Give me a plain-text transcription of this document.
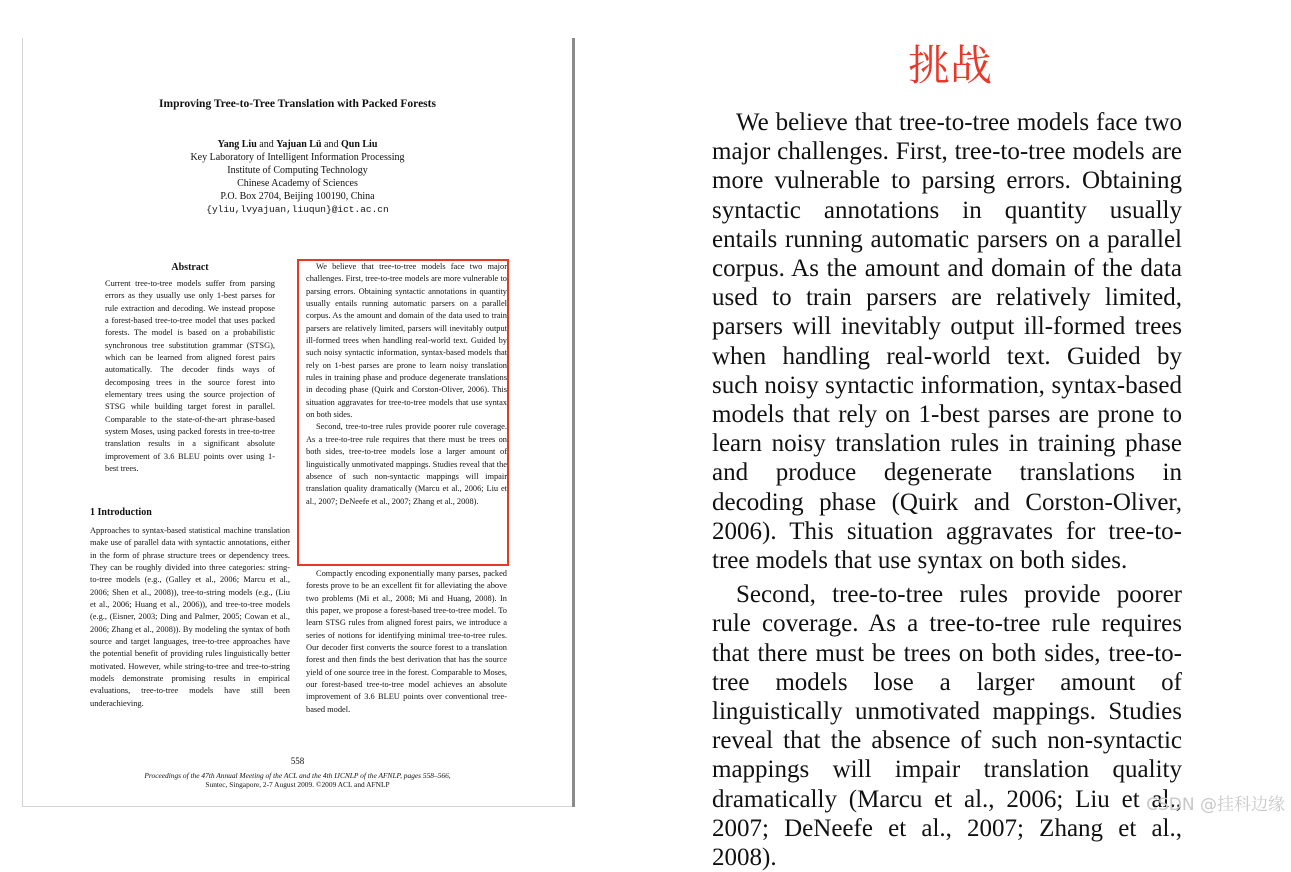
Improving Tree-to-Tree Translation with Packed Forests
Yang Liu and Yajuan Lü and Qun Liu
Key Laboratory of Intelligent Information Processing
Institute of Computing Technology
Chinese Academy of Sciences
P.O. Box 2704, Beijing 100190, China
{yliu,lvyajuan,liuqun}@ict.ac.cn
Abstract

Current tree-to-tree models suffer from parsing errors as they usually use only 1-best parses for rule extraction and decoding. We instead propose a forest-based tree-to-tree model that uses packed forests. The model is based on a probabilistic synchronous tree substitution grammar (STSG), which can be learned from aligned forest pairs automatically. The decoder finds ways of decomposing trees in the source forest into elementary trees using the source projection of STSG while building target forest in parallel. Comparable to the state-of-the-art phrase-based system Moses, using packed forests in tree-to-tree translation results in a significant absolute improvement of 3.6 BLEU points over using 1-best trees.

1 Introduction

Approaches to syntax-based statistical machine translation make use of parallel data with syntactic annotations, either in the form of phrase structure trees or dependency trees. They can be roughly divided into three categories: string-to-tree models (e.g., (Galley et al., 2006; Marcu et al., 2006; Shen et al., 2008)), tree-to-string models (e.g., (Liu et al., 2006; Huang et al., 2006)), and tree-to-tree models (e.g., (Eisner, 2003; Ding and Palmer, 2005; Cowan et al., 2006; Zhang et al., 2008)). By modeling the syntax of both source and target languages, tree-to-tree approaches have the potential benefit of providing rules linguistically better motivated. However, while string-to-tree and tree-to-string models demonstrate promising results in empirical evaluations, tree-to-tree models have still been underachieving.

We believe that tree-to-tree models face two major challenges. First, tree-to-tree models are more vulnerable to parsing errors. Obtaining syntactic annotations in quantity usually entails running automatic parsers on a parallel corpus. As the amount and domain of the data used to train parsers are relatively limited, parsers will inevitably output ill-formed trees when handling real-world text. Guided by such noisy syntactic information, syntax-based models that rely on 1-best parses are prone to learn noisy translation rules in training phase and produce degenerate translations in decoding phase (Quirk and Corston-Oliver, 2006). This situation aggravates for tree-to-tree models that use syntax on both sides.

Second, tree-to-tree rules provide poorer rule coverage. As a tree-to-tree rule requires that there must be trees on both sides, tree-to-tree models lose a larger amount of linguistically unmotivated mappings. Studies reveal that the absence of such non-syntactic mappings will impair translation quality dramatically (Marcu et al., 2006; Liu et al., 2007; DeNeefe et al., 2007; Zhang et al., 2008).

Compactly encoding exponentially many parses, packed forests prove to be an excellent fit for alleviating the above two problems (Mi et al., 2008; Mi and Huang, 2008). In this paper, we propose a forest-based tree-to-tree model. To learn STSG rules from aligned forest pairs, we introduce a series of notions for identifying minimal tree-to-tree rules. Our decoder first converts the source forest to a translation forest and then finds the best derivation that has the source yield of one source tree in the forest. Comparable to Moses, our forest-based tree-to-tree model achieves an absolute improvement of 3.6 BLEU points over conventional tree-based model.

558
Proceedings of the 47th Annual Meeting of the ACL and the 4th IJCNLP of the AFNLP, pages 558–566,
Suntec, Singapore, 2-7 August 2009. ©2009 ACL and AFNLP
挑战

We believe that tree-to-tree models face two major challenges. First, tree-to-tree models are more vulnerable to parsing errors. Obtaining syntactic annotations in quantity usually entails running automatic parsers on a parallel corpus. As the amount and domain of the data used to train parsers are relatively limited, parsers will inevitably output ill-formed trees when handling real-world text. Guided by such noisy syntactic information, syntax-based models that rely on 1-best parses are prone to learn noisy translation rules in training phase and produce degenerate translations in decoding phase (Quirk and Corston-Oliver, 2006). This situation aggravates for tree-to-tree models that use syntax on both sides.

Second, tree-to-tree rules provide poorer rule coverage. As a tree-to-tree rule requires that there must be trees on both sides, tree-to-tree models lose a larger amount of linguistically unmotivated mappings. Studies reveal that the absence of such non-syntactic mappings will impair translation quality dramatically (Marcu et al., 2006; Liu et al., 2007; DeNeefe et al., 2007; Zhang et al., 2008).

CSDN @挂科边缘
